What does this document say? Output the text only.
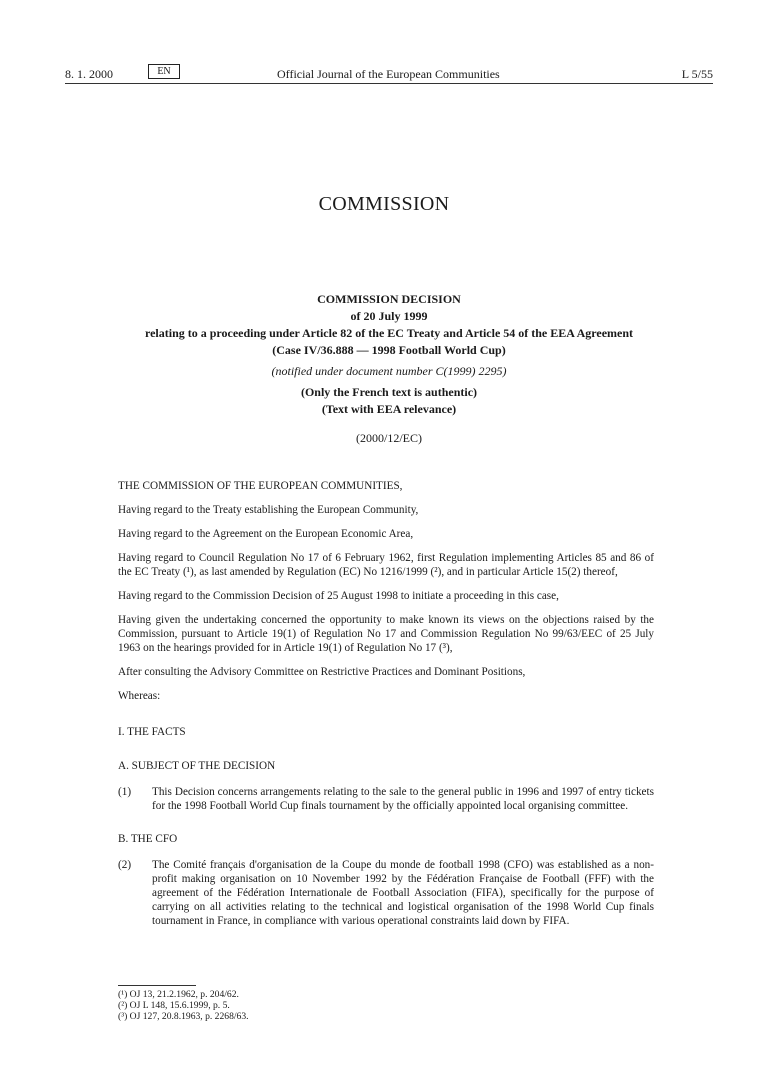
8. 1. 2000	EN	Official Journal of the European Communities	L 5/55
COMMISSION
COMMISSION DECISION
of 20 July 1999
relating to a proceeding under Article 82 of the EC Treaty and Article 54 of the EEA Agreement
(Case IV/36.888 — 1998 Football World Cup)
(notified under document number C(1999) 2295)
(Only the French text is authentic)
(Text with EEA relevance)
(2000/12/EC)

THE COMMISSION OF THE EUROPEAN COMMUNITIES,

Having regard to the Treaty establishing the European Community,

Having regard to the Agreement on the European Economic Area,

Having regard to Council Regulation No 17 of 6 February 1962, first Regulation implementing Articles 85 and 86 of the EC Treaty (¹), as last amended by Regulation (EC) No 1216/1999 (²), and in particular Article 15(2) thereof,

Having regard to the Commission Decision of 25 August 1998 to initiate a proceeding in this case,

Having given the undertaking concerned the opportunity to make known its views on the objections raised by the Commission, pursuant to Article 19(1) of Regulation No 17 and Commission Regulation No 99/63/EEC of 25 July 1963 on the hearings provided for in Article 19(1) of Regulation No 17 (³),

After consulting the Advisory Committee on Restrictive Practices and Dominant Positions,

Whereas:

I. THE FACTS

A. SUBJECT OF THE DECISION

(1)	This Decision concerns arrangements relating to the sale to the general public in 1996 and 1997 of entry tickets for the 1998 Football World Cup finals tournament by the officially appointed local organising committee.

B. THE CFO

(2)	The Comité français d'organisation de la Coupe du monde de football 1998 (CFO) was established as a non-profit making organisation on 10 November 1992 by the Fédération Française de Football (FFF) with the agreement of the Fédération Internationale de Football Association (FIFA), specifically for the purpose of carrying on all activities relating to the technical and logistical organisation of the 1998 World Cup finals tournament in France, in compliance with various operational constraints laid down by FIFA.
(¹) OJ 13, 21.2.1962, p. 204/62.
(²) OJ L 148, 15.6.1999, p. 5.
(³) OJ 127, 20.8.1963, p. 2268/63.
